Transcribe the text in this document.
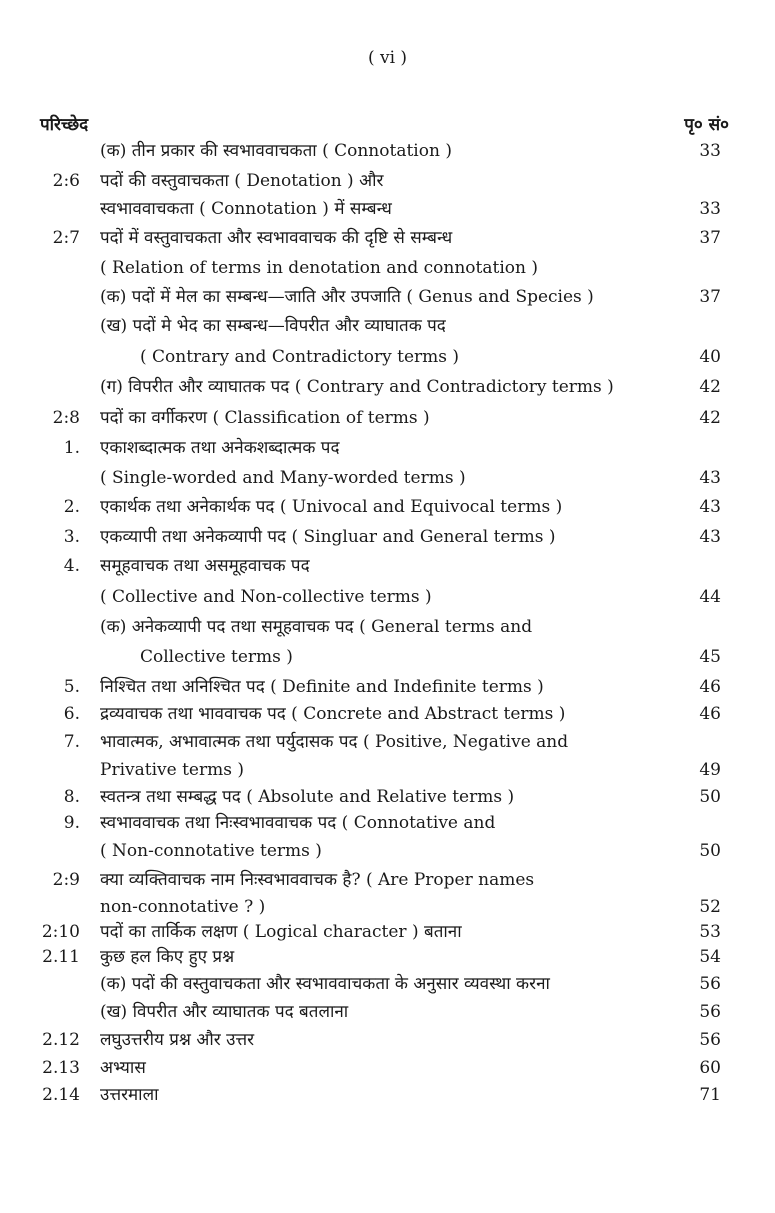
( vi )
परिच्छेद	पृ० सं०
(क) तीन प्रकार की स्वभाववाचकता ( Connotation )	33
2:6 पदों की वस्तुवाचकता ( Denotation ) और
स्वभाववाचकता ( Connotation ) में सम्बन्ध	33
2:7 पदों में वस्तुवाचकता और स्वभाववाचक की दृष्टि से सम्बन्ध	37
( Relation of terms in denotation and connotation )
(क) पदों में मेल का सम्बन्ध—जाति और उपजाति ( Genus and Species )	37
(ख) पदों मे भेद का सम्बन्ध—विपरीत और व्याघातक पद
( Contrary and Contradictory terms )	40
(ग) विपरीत और व्याघातक पद ( Contrary and Contradictory terms )	42
2:8 पदों का वर्गीकरण ( Classification of terms )	42
1. एकाशब्दात्मक तथा अनेकशब्दात्मक पद
( Single-worded and Many-worded terms )	43
2. एकार्थक तथा अनेकार्थक पद ( Univocal and Equivocal terms )	43
3. एकव्यापी तथा अनेकव्यापी पद ( Singluar and General terms )	43
4. समूहवाचक तथा असमूहवाचक पद
( Collective and Non-collective terms )	44
(क) अनेकव्यापी पद तथा समूहवाचक पद ( General terms and
Collective terms )	45
5. निश्चित तथा अनिश्चित पद ( Definite and Indefinite terms )	46
6. द्रव्यवाचक तथा भाववाचक पद ( Concrete and Abstract terms )	46
7. भावात्मक, अभावात्मक तथा पर्युदासक पद ( Positive, Negative and
Privative terms )	49
8. स्वतन्त्र तथा सम्बद्ध पद ( Absolute and Relative terms )	50
9. स्वभाववाचक तथा निःस्वभाववाचक पद ( Connotative and
( Non-connotative terms )	50
2:9 क्या व्यक्तिवाचक नाम निःस्वभाववाचक है? ( Are Proper names
non-connotative ? )	52
2:10 पदों का तार्किक लक्षण ( Logical character ) बताना	53
2.11 कुछ हल किए हुए प्रश्न	54
(क) पदों की वस्तुवाचकता और स्वभाववाचकता के अनुसार व्यवस्था करना	56
(ख) विपरीत और व्याघातक पद बतलाना	56
2.12 लघुउत्तरीय प्रश्न और उत्तर	56
2.13 अभ्यास	60
2.14 उत्तरमाला	71
